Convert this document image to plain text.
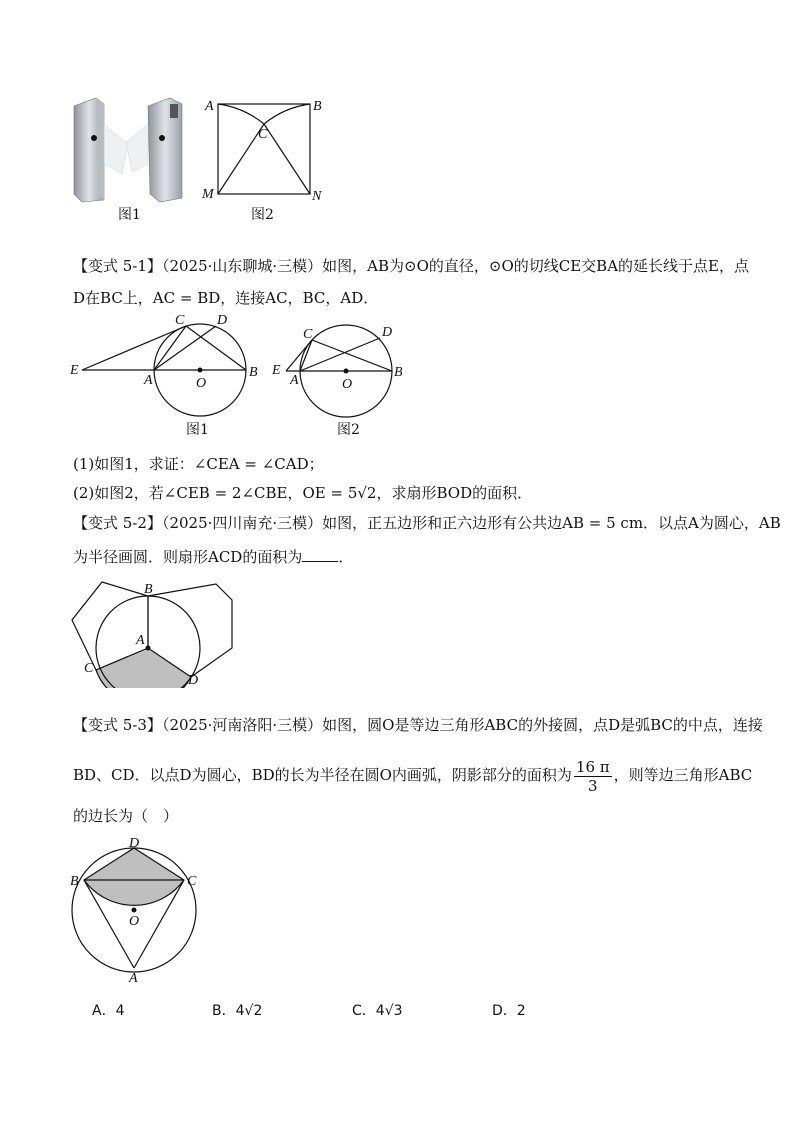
图1
A	B
C
M	N
图2
【变式 5-1】（2025·山东聊城·三模）如图，AB为⊙O的直径，⊙O的切线CE交BA的延长线于点E，点
D在BC上，AC = BD，连接AC，BC，AD．
E
A	O
B
C D
图1
E
A	O
B
C	D
图2
(1)如图1，求证：∠CEA = ∠CAD；
(2)如图2，若∠CEB = 2∠CBE，OE = 5√2，求扇形BOD的面积．
【变式 5-2】（2025·四川南充·三模）如图，正五边形和正六边形有公共边AB = 5 cm．以点A为圆心，AB
为半径画圆．则扇形ACD的面积为 ．
B
A
C
D
【变式 5-3】（2025·河南洛阳·三模）如图，圆O是等边三角形ABC的外接圆，点D是弧BC的中点，连接
BD、CD．以点D为圆心，BD的长为半径在圆O内画弧，阴影部分的面积为 $\frac{16 \pi}{3}$ ，则等边三角形ABC
的边长为（　）
D
B	C
O
A
A．4	B．4√2	C．4√3	D．2
